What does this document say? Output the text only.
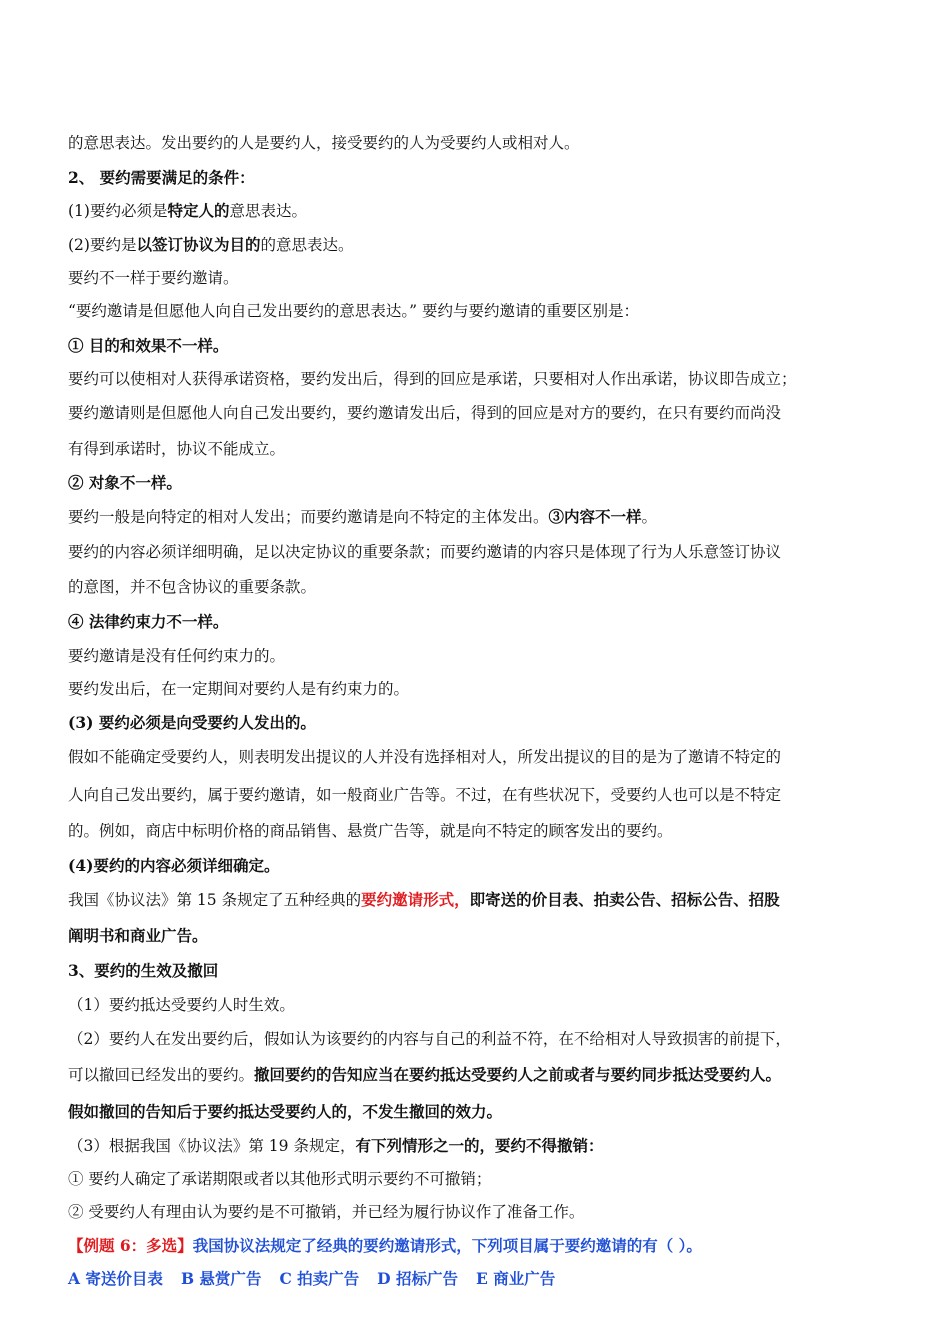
的意思表达。发出要约的人是要约人，接受要约的人为受要约人或相对人。
2、 要约需要满足的条件：
(1)要约必须是特定人的意思表达。
(2)要约是以签订协议为目的的意思表达。
要约不一样于要约邀请。
“要约邀请是但愿他人向自己发出要约的意思表达。” 要约与要约邀请的重要区别是：
① 目的和效果不一样。
要约可以使相对人获得承诺资格，要约发出后，得到的回应是承诺，只要相对人作出承诺，协议即告成立；
要约邀请则是但愿他人向自己发出要约，要约邀请发出后，得到的回应是对方的要约，在只有要约而尚没
有得到承诺时，协议不能成立。
② 对象不一样。
要约一般是向特定的相对人发出；而要约邀请是向不特定的主体发出。③内容不一样。
要约的内容必须详细明确，足以决定协议的重要条款；而要约邀请的内容只是体现了行为人乐意签订协议
的意图，并不包含协议的重要条款。
④ 法律约束力不一样。
要约邀请是没有任何约束力的。
要约发出后，在一定期间对要约人是有约束力的。
(3) 要约必须是向受要约人发出的。
假如不能确定受要约人，则表明发出提议的人并没有选择相对人，所发出提议的目的是为了邀请不特定的
人向自己发出要约，属于要约邀请，如一般商业广告等。不过，在有些状况下，受要约人也可以是不特定
的。例如，商店中标明价格的商品销售、悬赏广告等，就是向不特定的顾客发出的要约。
(4)要约的内容必须详细确定。
我国《协议法》第 15 条规定了五种经典的要约邀请形式，即寄送的价目表、拍卖公告、招标公告、招股
阐明书和商业广告。
3、要约的生效及撤回
（1）要约抵达受要约人时生效。
（2）要约人在发出要约后，假如认为该要约的内容与自己的利益不符，在不给相对人导致损害的前提下，
可以撤回已经发出的要约。撤回要约的告知应当在要约抵达受要约人之前或者与要约同步抵达受要约人。
假如撤回的告知后于要约抵达受要约人的，不发生撤回的效力。
（3）根据我国《协议法》第 19 条规定，有下列情形之一的，要约不得撤销：
① 要约人确定了承诺期限或者以其他形式明示要约不可撤销；
② 受要约人有理由认为要约是不可撤销，并已经为履行协议作了准备工作。
【例题 6：多选】我国协议法规定了经典的要约邀请形式，下列项目属于要约邀请的有（ ）。
A 寄送价目表 B 悬赏广告 C 拍卖广告 D 招标广告 E 商业广告
